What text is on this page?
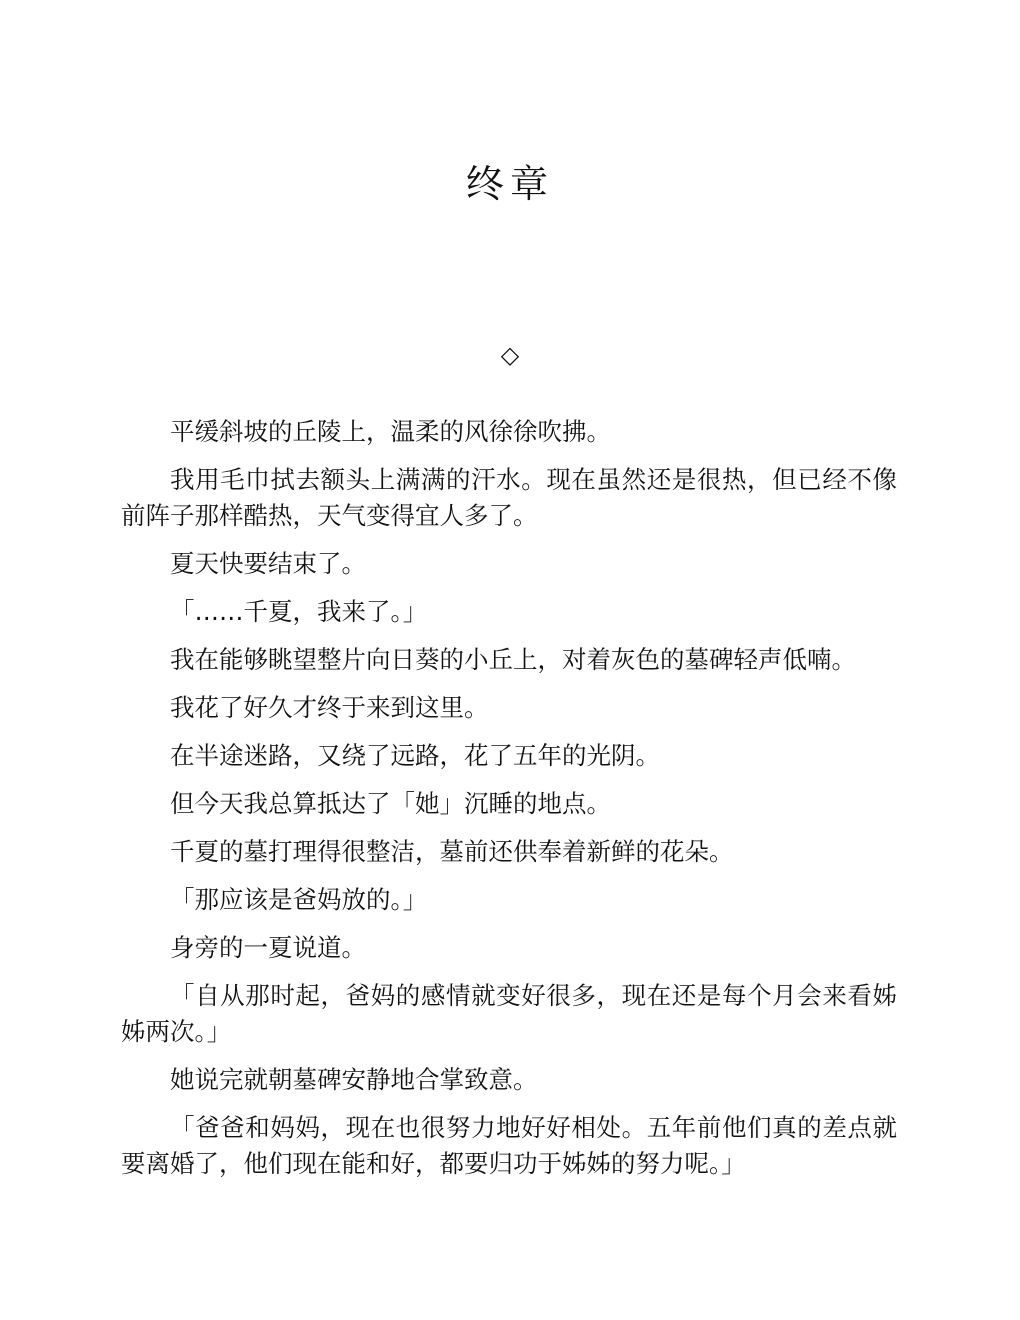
终章
◇

平缓斜坡的丘陵上，温柔的风徐徐吹拂。

我用毛巾拭去额头上满满的汗水。现在虽然还是很热，但已经不像前阵子那样酷热，天气变得宜人多了。

夏天快要结束了。

「……千夏，我来了。」

我在能够眺望整片向日葵的小丘上，对着灰色的墓碑轻声低喃。

我花了好久才终于来到这里。

在半途迷路，又绕了远路，花了五年的光阴。

但今天我总算抵达了「她」沉睡的地点。

千夏的墓打理得很整洁，墓前还供奉着新鲜的花朵。

「那应该是爸妈放的。」

身旁的一夏说道。

「自从那时起，爸妈的感情就变好很多，现在还是每个月会来看姊姊两次。」

她说完就朝墓碑安静地合掌致意。

「爸爸和妈妈，现在也很努力地好好相处。五年前他们真的差点就要离婚了，他们现在能和好，都要归功于姊姊的努力呢。」
